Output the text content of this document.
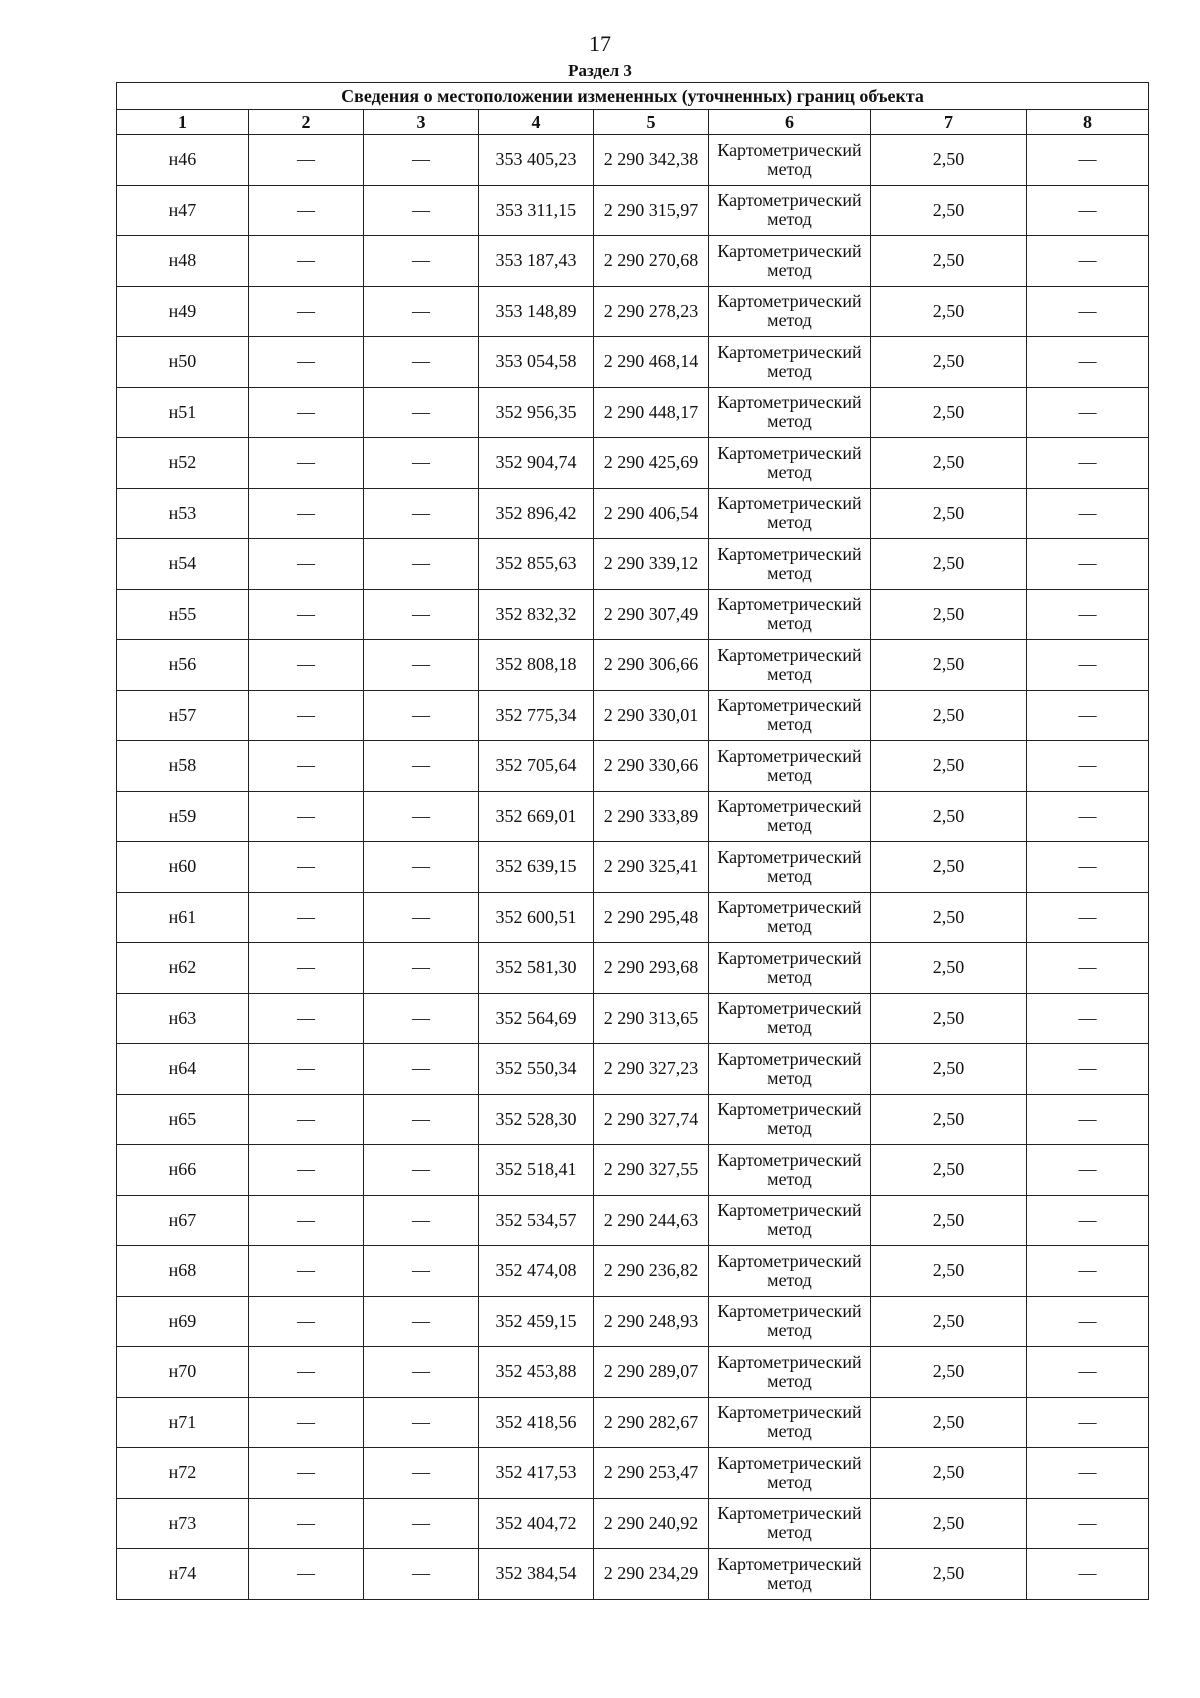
17
Раздел 3
Сведения о местоположении измененных (уточненных) границ объекта							
1	2	3	4	5	6	7	8
н46	—	—	353 405,23	2 290 342,38	Картометрический метод	2,50	—
н47	—	—	353 311,15	2 290 315,97	Картометрический метод	2,50	—
н48	—	—	353 187,43	2 290 270,68	Картометрический метод	2,50	—
н49	—	—	353 148,89	2 290 278,23	Картометрический метод	2,50	—
н50	—	—	353 054,58	2 290 468,14	Картометрический метод	2,50	—
н51	—	—	352 956,35	2 290 448,17	Картометрический метод	2,50	—
н52	—	—	352 904,74	2 290 425,69	Картометрический метод	2,50	—
н53	—	—	352 896,42	2 290 406,54	Картометрический метод	2,50	—
н54	—	—	352 855,63	2 290 339,12	Картометрический метод	2,50	—
н55	—	—	352 832,32	2 290 307,49	Картометрический метод	2,50	—
н56	—	—	352 808,18	2 290 306,66	Картометрический метод	2,50	—
н57	—	—	352 775,34	2 290 330,01	Картометрический метод	2,50	—
н58	—	—	352 705,64	2 290 330,66	Картометрический метод	2,50	—
н59	—	—	352 669,01	2 290 333,89	Картометрический метод	2,50	—
н60	—	—	352 639,15	2 290 325,41	Картометрический метод	2,50	—
н61	—	—	352 600,51	2 290 295,48	Картометрический метод	2,50	—
н62	—	—	352 581,30	2 290 293,68	Картометрический метод	2,50	—
н63	—	—	352 564,69	2 290 313,65	Картометрический метод	2,50	—
н64	—	—	352 550,34	2 290 327,23	Картометрический метод	2,50	—
н65	—	—	352 528,30	2 290 327,74	Картометрический метод	2,50	—
н66	—	—	352 518,41	2 290 327,55	Картометрический метод	2,50	—
н67	—	—	352 534,57	2 290 244,63	Картометрический метод	2,50	—
н68	—	—	352 474,08	2 290 236,82	Картометрический метод	2,50	—
н69	—	—	352 459,15	2 290 248,93	Картометрический метод	2,50	—
н70	—	—	352 453,88	2 290 289,07	Картометрический метод	2,50	—
н71	—	—	352 418,56	2 290 282,67	Картометрический метод	2,50	—
н72	—	—	352 417,53	2 290 253,47	Картометрический метод	2,50	—
н73	—	—	352 404,72	2 290 240,92	Картометрический метод	2,50	—
н74	—	—	352 384,54	2 290 234,29	Картометрический метод	2,50	—
